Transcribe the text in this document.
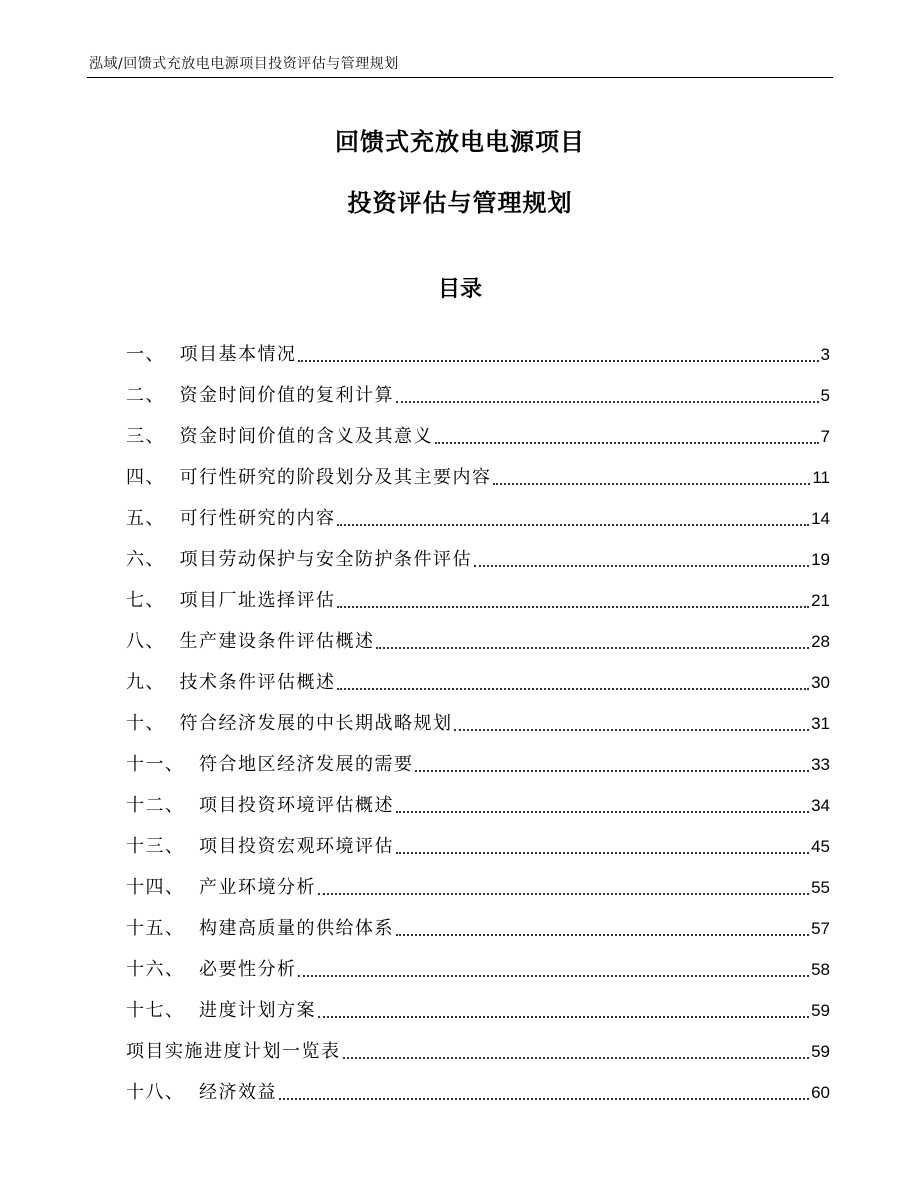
泓域/回馈式充放电电源项目投资评估与管理规划
回馈式充放电电源项目
投资评估与管理规划
目录
一、  项目基本情况	3
二、  资金时间价值的复利计算	5
三、  资金时间价值的含义及其意义	7
四、  可行性研究的阶段划分及其主要内容	11
五、  可行性研究的内容	14
六、  项目劳动保护与安全防护条件评估	19
七、  项目厂址选择评估	21
八、  生产建设条件评估概述	28
九、  技术条件评估概述	30
十、  符合经济发展的中长期战略规划	31
十一、  符合地区经济发展的需要	33
十二、  项目投资环境评估概述	34
十三、  项目投资宏观环境评估	45
十四、  产业环境分析	55
十五、  构建高质量的供给体系	57
十六、  必要性分析	58
十七、  进度计划方案	59
项目实施进度计划一览表	59
十八、  经济效益	60
